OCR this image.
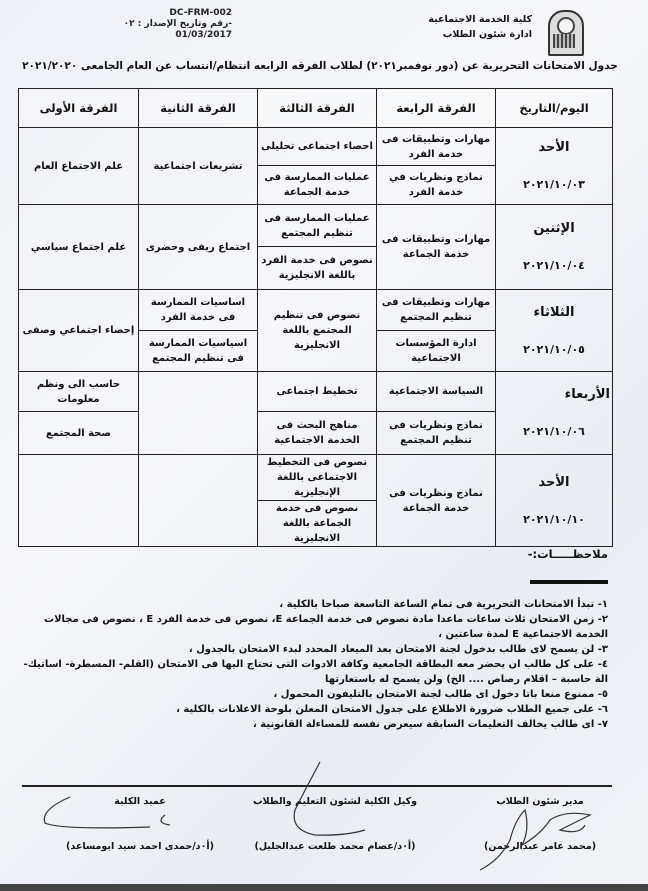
DC-FRM-002
-رقم وتاريخ الإصدار : ٠٢
01/03/2017
كلية الخدمة الاجتماعية
ادارة شئون الطلاب
جدول الامتحانات التحريرية عن (دور نوفمبر٢٠٢١) لطلاب الفرقه الرابعه انتظام/انتساب عن العام الجامعى ٢٠٢١/٢٠٢٠
اليوم/التاريخ	الفرقة الرابعة	الفرقة الثالثة	الفرقة الثانية	الفرقة الأولى

الأحد
٢٠٢١/١٠/٠٣	مهارات وتطبيقات فى خدمة الفرد	احصاء اجتماعى تحليلى	تشريعات اجتماعية	علم الاجتماع العام
	نماذج ونظريات في خدمة الفرد	عمليات الممارسة فى خدمة الجماعة		

الإثنين
٢٠٢١/١٠/٠٤	مهارات وتطبيقات فى خدمة الجماعة	عمليات الممارسة فى تنظيم المجتمع	اجتماع ريفى وحضرى	علم اجتماع سياسي
		نصوص فى خدمة الفرد باللغة الانجليزية		

الثلاثاء
٢٠٢١/١٠/٠٥	مهارات وتطبيقات فى تنظيم المجتمع	نصوص فى تنظيم المجتمع باللغة الانجليزية	اساسيات الممارسة فى خدمة الفرد	إحصاء اجتماعي وصفى
	ادارة المؤسسات الاجتماعية		اسياسيات الممارسة فى تنظيم المجتمع	

الأربعاء
٢٠٢١/١٠/٠٦	السياسة الاجتماعية	تخطيط اجتماعى		حاسب الى ونظم معلومات
	نماذج ونظريات فى تنظيم المجتمع	مناهج البحث فى الخدمة الاجتماعية		صحة المجتمع

الأحد
٢٠٢١/١٠/١٠	نماذج ونظريات فى خدمة الجماعة	نصوص فى التخطيط الاجتماعى باللغة الإنجليزية		
		نصوص فى خدمة الجماعة باللغة الانجليزية		
ملاحظـــــات:-
١- تبدأ الامتحانات التحريرية فى تمام الساعة التاسعة صباحا بالكلية ،
٢- زمن الامتحان ثلاث ساعات ماعدا مادة نصوص فى خدمة الجماعة E، نصوص فى خدمة الفرد E ، نصوص فى مجالات الخدمة الاجتماعية E لمدة ساعتين ،
٣- لن يسمح لاى طالب بدخول لجنة الامتحان بعد الميعاد المحدد لبدء الامتحان بالجدول ،
٤- على كل طالب ان يحضر معه البطاقة الجامعية وكافة الادوات التى تحتاج اليها فى الامتحان (القلم- المسطرة- اساتيك- الة حاسبة – اقلام رصاص .... الخ) ولن يسمح له باستعارتها
٥- ممنوع منعا باتا دخول اى طالب لجنة الامتحان بالتليفون المحمول ،
٦- على جميع الطلاب ضرورة الاطلاع على جدول الامتحان المعلن بلوحة الاعلانات بالكلية ،
٧- اى طالب يخالف التعليمات السابقة سيعرض نفسه للمساءلة القانونية ،
مدير شئون الطلاب
(محمد عامر عبدالرحمن)
وكيل الكلية لشئون التعليم والطلاب
(أ٠د/عصام محمد طلعت عبدالجليل)
عميد الكلية
(أ٠د/حمدى احمد سيد ابومساعد)
